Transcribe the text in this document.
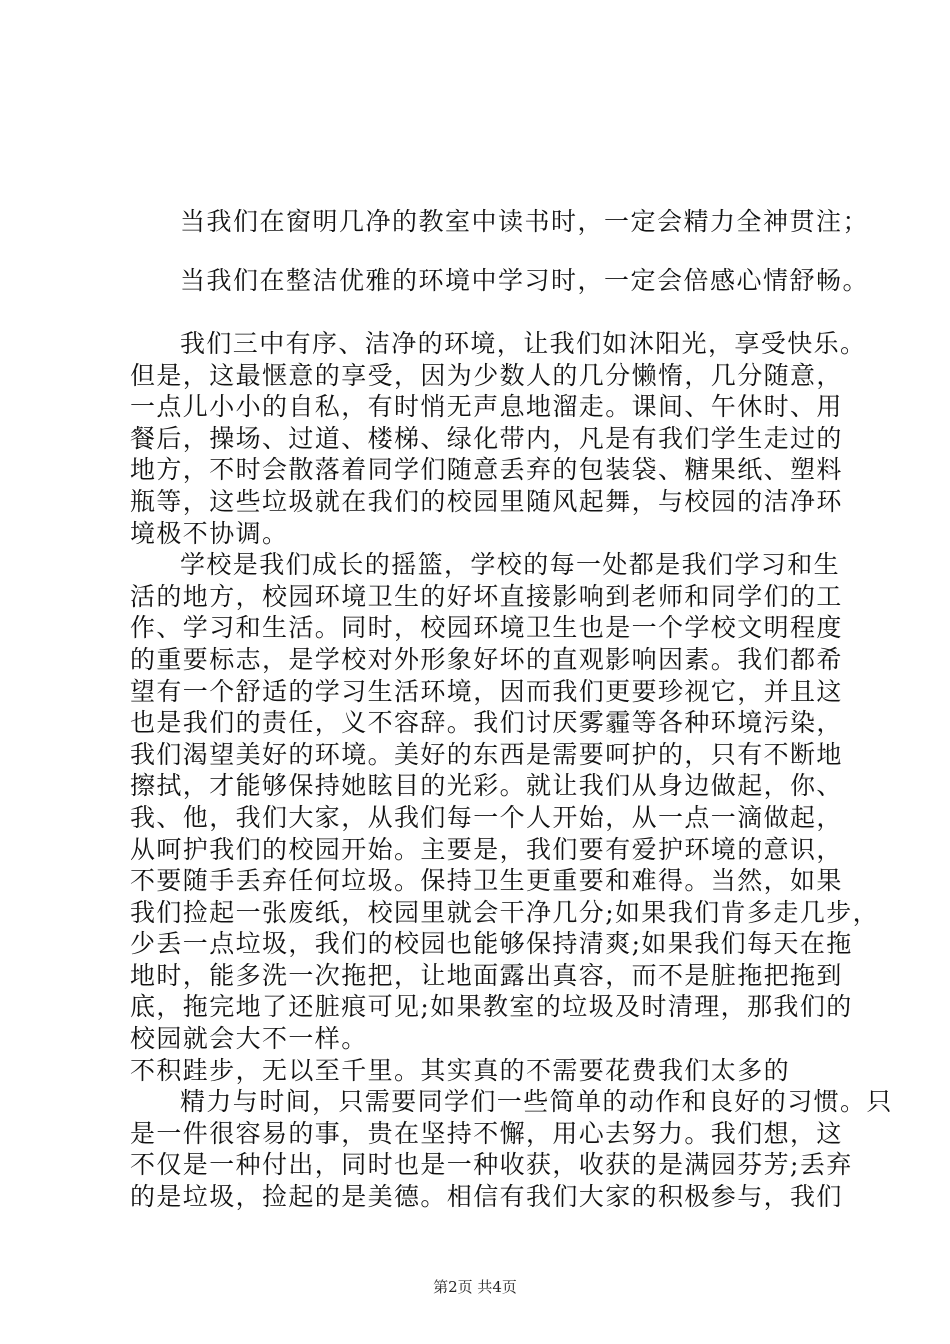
当我们在窗明几净的教室中读书时，一定会精力全神贯注；
当我们在整洁优雅的环境中学习时，一定会倍感心情舒畅。
我们三中有序、洁净的环境，让我们如沐阳光，享受快乐。
但是，这最惬意的享受，因为少数人的几分懒惰，几分随意，
一点儿小小的自私，有时悄无声息地溜走。课间、午休时、用
餐后，操场、过道、楼梯、绿化带内，凡是有我们学生走过的
地方，不时会散落着同学们随意丢弃的包装袋、糖果纸、塑料
瓶等，这些垃圾就在我们的校园里随风起舞，与校园的洁净环
境极不协调。
学校是我们成长的摇篮，学校的每一处都是我们学习和生
活的地方，校园环境卫生的好坏直接影响到老师和同学们的工
作、学习和生活。同时，校园环境卫生也是一个学校文明程度
的重要标志，是学校对外形象好坏的直观影响因素。我们都希
望有一个舒适的学习生活环境，因而我们更要珍视它，并且这
也是我们的责任，义不容辞。我们讨厌雾霾等各种环境污染，
我们渴望美好的环境。美好的东西是需要呵护的，只有不断地
擦拭，才能够保持她眩目的光彩。就让我们从身边做起，你、
我、他，我们大家，从我们每一个人开始，从一点一滴做起，
从呵护我们的校园开始。主要是，我们要有爱护环境的意识，
不要随手丢弃任何垃圾。保持卫生更重要和难得。当然，如果
我们捡起一张废纸，校园里就会干净几分;如果我们肯多走几步，
少丢一点垃圾，我们的校园也能够保持清爽;如果我们每天在拖
地时，能多洗一次拖把，让地面露出真容，而不是脏拖把拖到
底，拖完地了还脏痕可见;如果教室的垃圾及时清理，那我们的
校园就会大不一样。
不积跬步，无以至千里。其实真的不需要花费我们太多的
精力与时间，只需要同学们一些简单的动作和良好的习惯。只
是一件很容易的事，贵在坚持不懈，用心去努力。我们想，这
不仅是一种付出，同时也是一种收获，收获的是满园芬芳;丢弃
的是垃圾，捡起的是美德。相信有我们大家的积极参与，我们
第2页 共4页
